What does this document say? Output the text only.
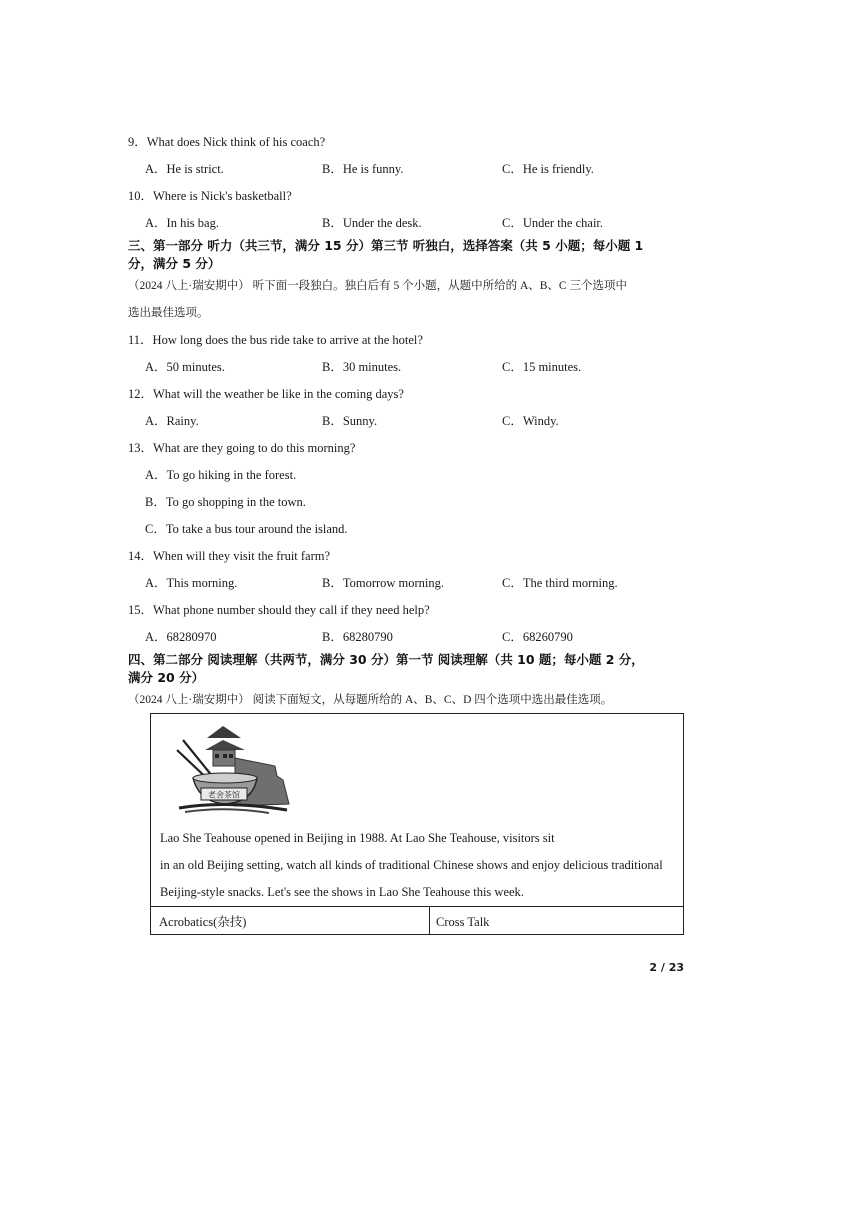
9．What does Nick think of his coach?
A．He is strict.	B．He is funny.	C．He is friendly.
10．Where is Nick's basketball?
A．In his bag.	B．Under the desk.	C．Under the chair.
三、第一部分 听力（共三节，满分 15 分）第三节 听独白，选择答案（共 5 小题；每小题 1
分，满分 5 分）
（2024 八上·瑞安期中） 听下面一段独白。独白后有 5 个小题，从题中所给的 A、B、C 三个选项中
选出最佳选项。
11．How long does the bus ride take to arrive at the hotel?
A．50 minutes.	B．30 minutes.	C．15 minutes.
12．What will the weather be like in the coming days?
A．Rainy.	B．Sunny.	C．Windy.
13．What are they going to do this morning?
A．To go hiking in the forest.
B．To go shopping in the town.
C．To take a bus tour around the island.
14．When will they visit the fruit farm?
A．This morning.	B．Tomorrow morning.	C．The third morning.
15．What phone number should they call if they need help?
A．68280970	B．68280790	C．68260790
四、第二部分 阅读理解（共两节，满分 30 分）第一节 阅读理解（共 10 题；每小题 2 分，
满分 20 分）
（2024 八上·瑞安期中） 阅读下面短文，从每题所给的 A、B、C、D 四个选项中选出最佳选项。
老舍茶馆
Lao She Teahouse opened in Beijing in 1988. At Lao She Teahouse, visitors sit
in an old Beijing setting, watch all kinds of traditional Chinese shows and enjoy delicious traditional
Beijing-style snacks. Let's see the shows in Lao She Teahouse this week.
Acrobatics(杂技)	Cross Talk
2 / 23
